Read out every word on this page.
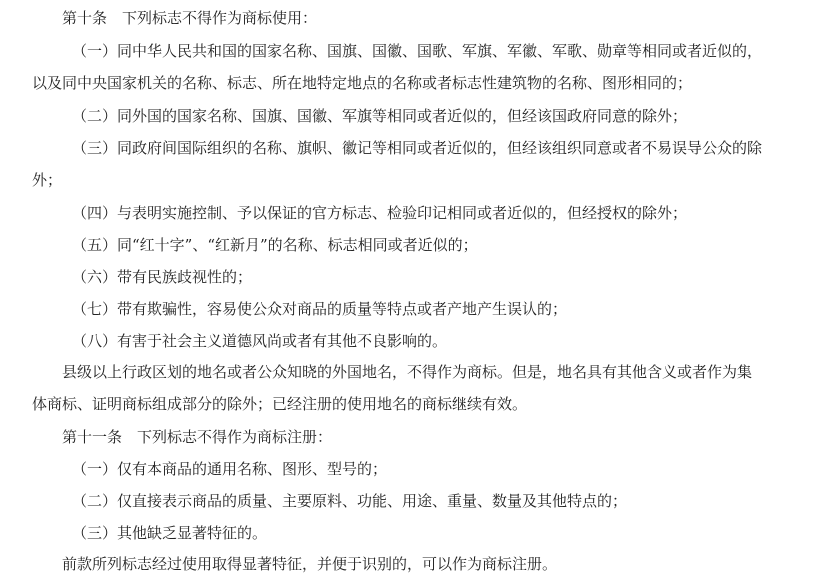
第十条　下列标志不得作为商标使用：
（一）同中华人民共和国的国家名称、国旗、国徽、国歌、军旗、军徽、军歌、勋章等相同或者近似的，
以及同中央国家机关的名称、标志、所在地特定地点的名称或者标志性建筑物的名称、图形相同的；
（二）同外国的国家名称、国旗、国徽、军旗等相同或者近似的，但经该国政府同意的除外；
（三）同政府间国际组织的名称、旗帜、徽记等相同或者近似的，但经该组织同意或者不易误导公众的除
外；
（四）与表明实施控制、予以保证的官方标志、检验印记相同或者近似的，但经授权的除外；
（五）同“红十字”、“红新月”的名称、标志相同或者近似的；
（六）带有民族歧视性的；
（七）带有欺骗性，容易使公众对商品的质量等特点或者产地产生误认的；
（八）有害于社会主义道德风尚或者有其他不良影响的。
县级以上行政区划的地名或者公众知晓的外国地名，不得作为商标。但是，地名具有其他含义或者作为集
体商标、证明商标组成部分的除外；已经注册的使用地名的商标继续有效。
第十一条　下列标志不得作为商标注册：
（一）仅有本商品的通用名称、图形、型号的；
（二）仅直接表示商品的质量、主要原料、功能、用途、重量、数量及其他特点的；
（三）其他缺乏显著特征的。
前款所列标志经过使用取得显著特征，并便于识别的，可以作为商标注册。
